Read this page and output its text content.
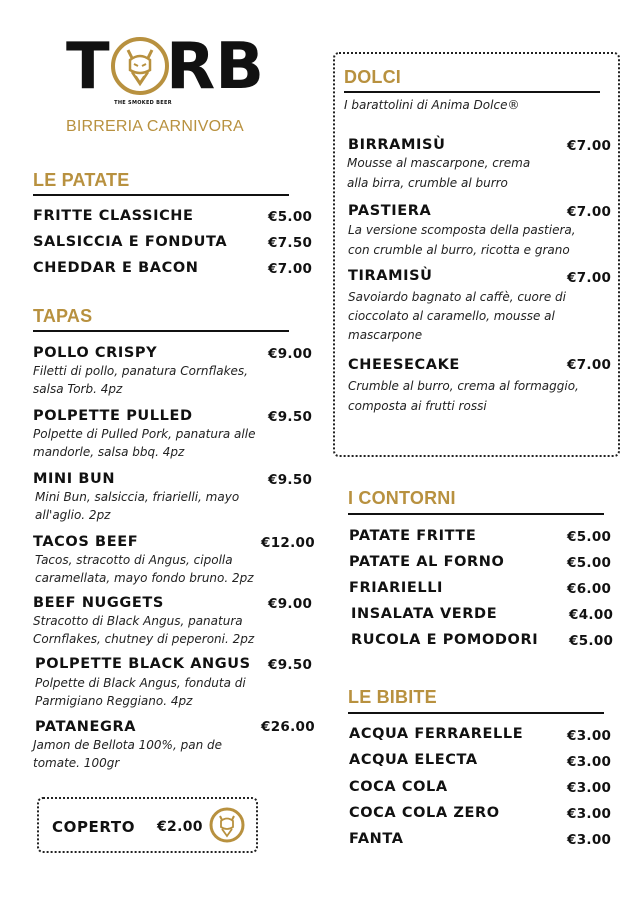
T RB
THE SMOKED BEER
BIRRERIA CARNIVORA
LE PATATE
FRITTE CLASSICHE	€5.00
SALSICCIA E FONDUTA	€7.50
CHEDDAR E BACON	€7.00
TAPAS
POLLO CRISPY	€9.00
Filetti di pollo, panatura Cornflakes,
salsa Torb. 4pz
POLPETTE PULLED	€9.50
Polpette di Pulled Pork, panatura alle
mandorle, salsa bbq. 4pz
MINI BUN	€9.50
Mini Bun, salsiccia, friarielli, mayo
all'aglio. 2pz
TACOS BEEF	€12.00
Tacos, stracotto di Angus, cipolla
caramellata, mayo fondo bruno. 2pz
BEEF NUGGETS	€9.00
Stracotto di Black Angus, panatura
Cornflakes, chutney di peperoni. 2pz
POLPETTE BLACK ANGUS €9.50
Polpette di Black Angus, fonduta di
Parmigiano Reggiano. 4pz
PATANEGRA	€26.00
Jamon de Bellota 100%, pan de
tomate. 100gr
COPERTO €2.00
DOLCI
I barattolini di Anima Dolce®
BIRRAMISÙ	€7.00
Mousse al mascarpone, crema
alla birra, crumble al burro
PASTIERA	€7.00
La versione scomposta della pastiera,
con crumble al burro, ricotta e grano
TIRAMISÙ	€7.00
Savoiardo bagnato al caffè, cuore di
cioccolato al caramello, mousse al
mascarpone
CHEESECAKE	€7.00
Crumble al burro, crema al formaggio,
composta ai frutti rossi
I CONTORNI
PATATE FRITTE	€5.00
PATATE AL FORNO	€5.00
FRIARIELLI	€6.00
INSALATA VERDE	€4.00
RUCOLA E POMODORI €5.00
LE BIBITE
ACQUA FERRARELLE	€3.00
ACQUA ELECTA	€3.00
COCA COLA	€3.00
COCA COLA ZERO	€3.00
FANTA	€3.00
